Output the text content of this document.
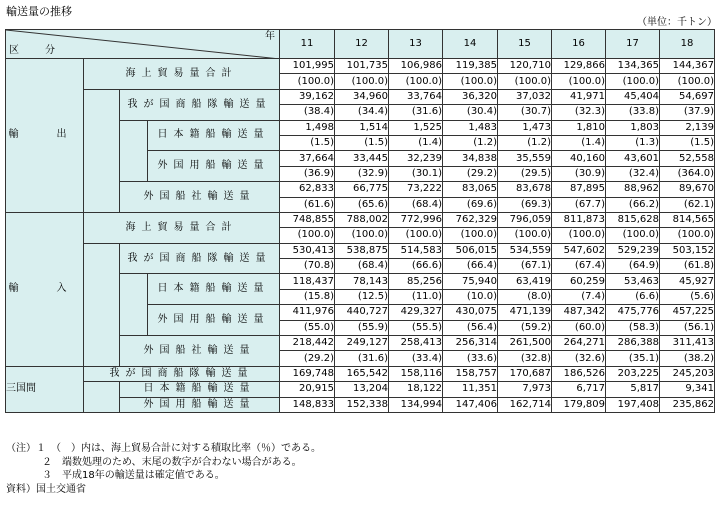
輸送量の推移
（単位：千トン）
年
区　分				11	12	13	14	15	16	17	18
輸　出	海上貿易量合計			101,995	101,735	106,986	119,385	120,710	129,866	134,365	144,367
				(100.0)	(100.0)	(100.0)	(100.0)	(100.0)	(100.0)	(100.0)	(100.0)
		我が国商船隊輸送量		39,162	34,960	33,764	36,320	37,032	41,971	45,404	54,697
				(38.4)	(34.4)	(31.6)	(30.4)	(30.7)	(32.3)	(33.8)	(37.9)
			日本籍船輸送量	1,498	1,514	1,525	1,483	1,473	1,810	1,803	2,139
				(1.5)	(1.5)	(1.4)	(1.2)	(1.2)	(1.4)	(1.3)	(1.5)
			外国用船輸送量	37,664	33,445	32,239	34,838	35,559	40,160	43,601	52,558
				(36.9)	(32.9)	(30.1)	(29.2)	(29.5)	(30.9)	(32.4)	(364.0)
		外国船社輸送量		62,833	66,775	73,222	83,065	83,678	87,895	88,962	89,670
				(61.6)	(65.6)	(68.4)	(69.6)	(69.3)	(67.7)	(66.2)	(62.1)
輸　入	海上貿易量合計			748,855	788,002	772,996	762,329	796,059	811,873	815,628	814,565
				(100.0)	(100.0)	(100.0)	(100.0)	(100.0)	(100.0)	(100.0)	(100.0)
		我が国商船隊輸送量		530,413	538,875	514,583	506,015	534,559	547,602	529,239	503,152
				(70.8)	(68.4)	(66.6)	(66.4)	(67.1)	(67.4)	(64.9)	(61.8)
			日本籍船輸送量	118,437	78,143	85,256	75,940	63,419	60,259	53,463	45,927
				(15.8)	(12.5)	(11.0)	(10.0)	(8.0)	(7.4)	(6.6)	(5.6)
			外国用船輸送量	411,976	440,727	429,327	430,075	471,139	487,342	475,776	457,225
				(55.0)	(55.9)	(55.5)	(56.4)	(59.2)	(60.0)	(58.3)	(56.1)
		外国船社輸送量		218,442	249,127	258,413	256,314	261,500	264,271	286,388	311,413
				(29.2)	(31.6)	(33.4)	(33.6)	(32.8)	(32.6)	(35.1)	(38.2)
三国間	我が国商船隊輸送量			169,748	165,542	158,116	158,757	170,687	186,526	203,225	245,203
		日本籍船輸送量		20,915	13,204	18,122	11,351	7,973	6,717	5,817	9,341
		外国用船輸送量		148,833	152,338	134,994	147,406	162,714	179,809	197,408	235,862
（注）１　（　）内は、海上貿易合計に対する積取比率（％）である。
２　端数処理のため、末尾の数字が合わない場合がある。
３　平成18年の輸送量は確定値である。
資料）国土交通省
